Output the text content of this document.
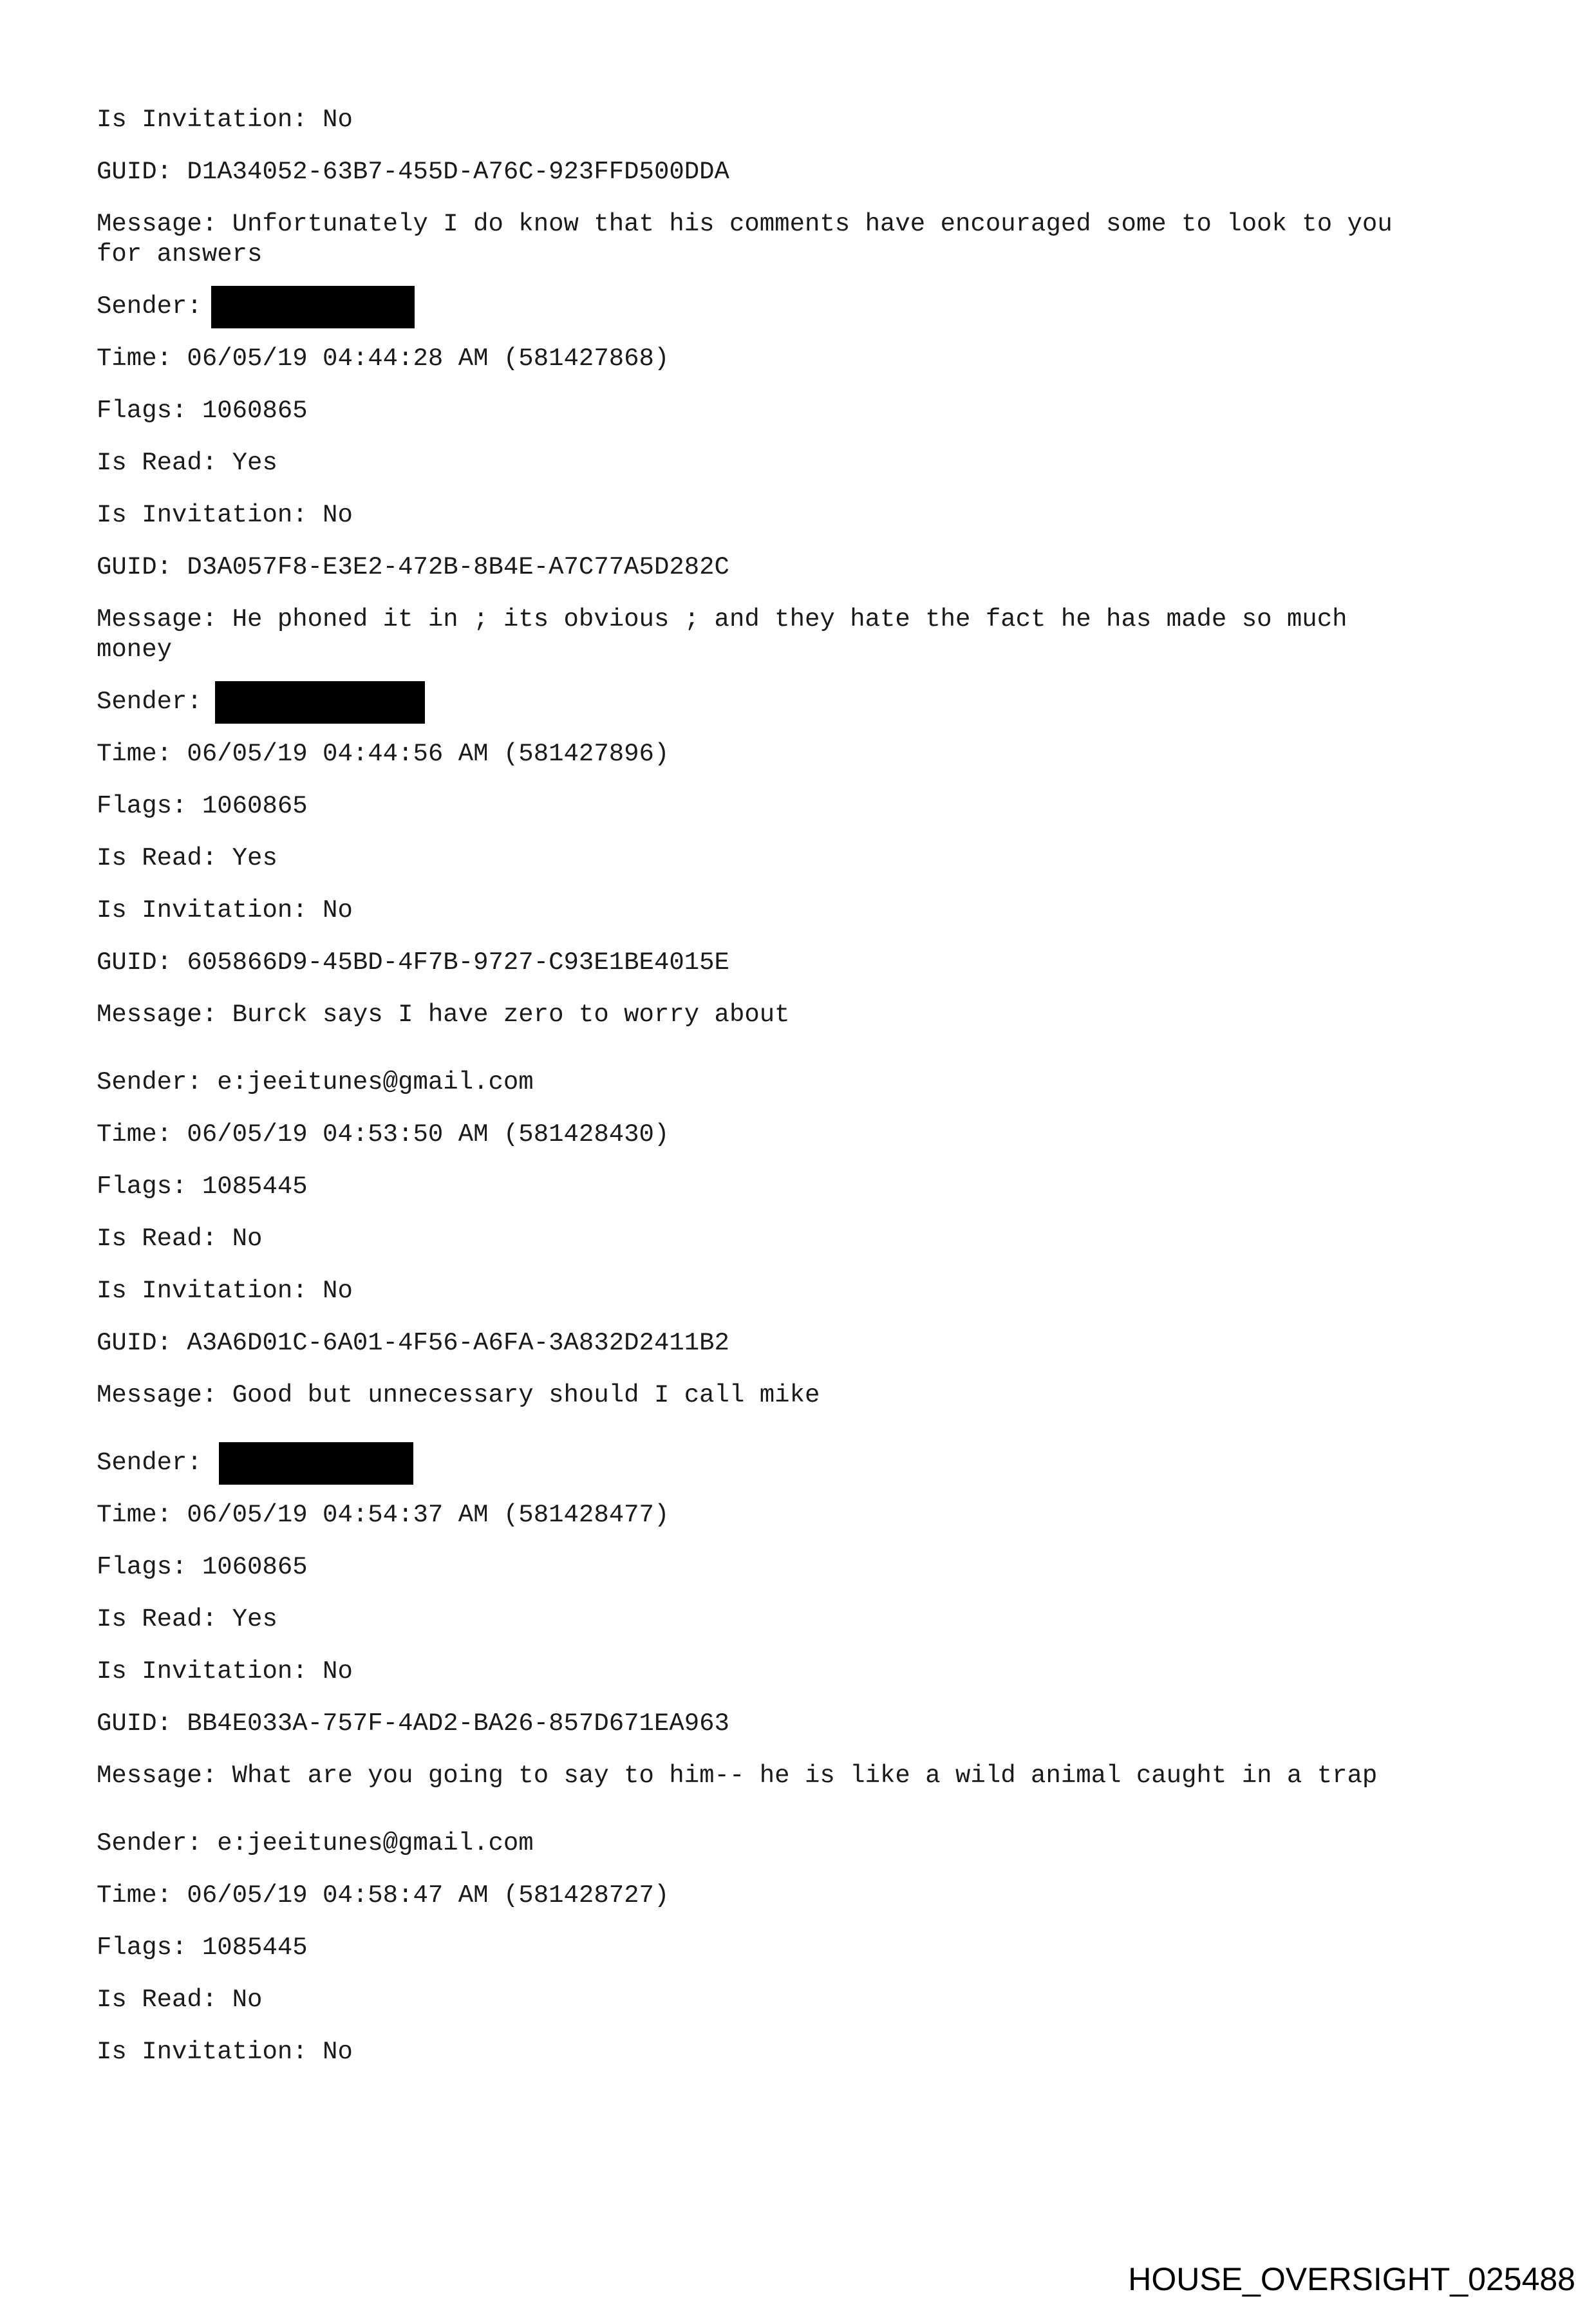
Is Invitation: No
GUID: D1A34052-63B7-455D-A76C-923FFD500DDA
Message: Unfortunately I do know that his comments have encouraged some to look to you
for answers
Sender:
Time: 06/05/19 04:44:28 AM (581427868)
Flags: 1060865
Is Read: Yes
Is Invitation: No
GUID: D3A057F8-E3E2-472B-8B4E-A7C77A5D282C
Message: He phoned it in ; its obvious ; and they hate the fact he has made so much
money
Sender:
Time: 06/05/19 04:44:56 AM (581427896)
Flags: 1060865
Is Read: Yes
Is Invitation: No
GUID: 605866D9-45BD-4F7B-9727-C93E1BE4015E
Message: Burck says I have zero to worry about
Sender: e:jeeitunes@gmail.com
Time: 06/05/19 04:53:50 AM (581428430)
Flags: 1085445
Is Read: No
Is Invitation: No
GUID: A3A6D01C-6A01-4F56-A6FA-3A832D2411B2
Message: Good but unnecessary should I call mike
Sender:
Time: 06/05/19 04:54:37 AM (581428477)
Flags: 1060865
Is Read: Yes
Is Invitation: No
GUID: BB4E033A-757F-4AD2-BA26-857D671EA963
Message: What are you going to say to him-- he is like a wild animal caught in a trap
Sender: e:jeeitunes@gmail.com
Time: 06/05/19 04:58:47 AM (581428727)
Flags: 1085445
Is Read: No
Is Invitation: No
HOUSE_OVERSIGHT_025488
